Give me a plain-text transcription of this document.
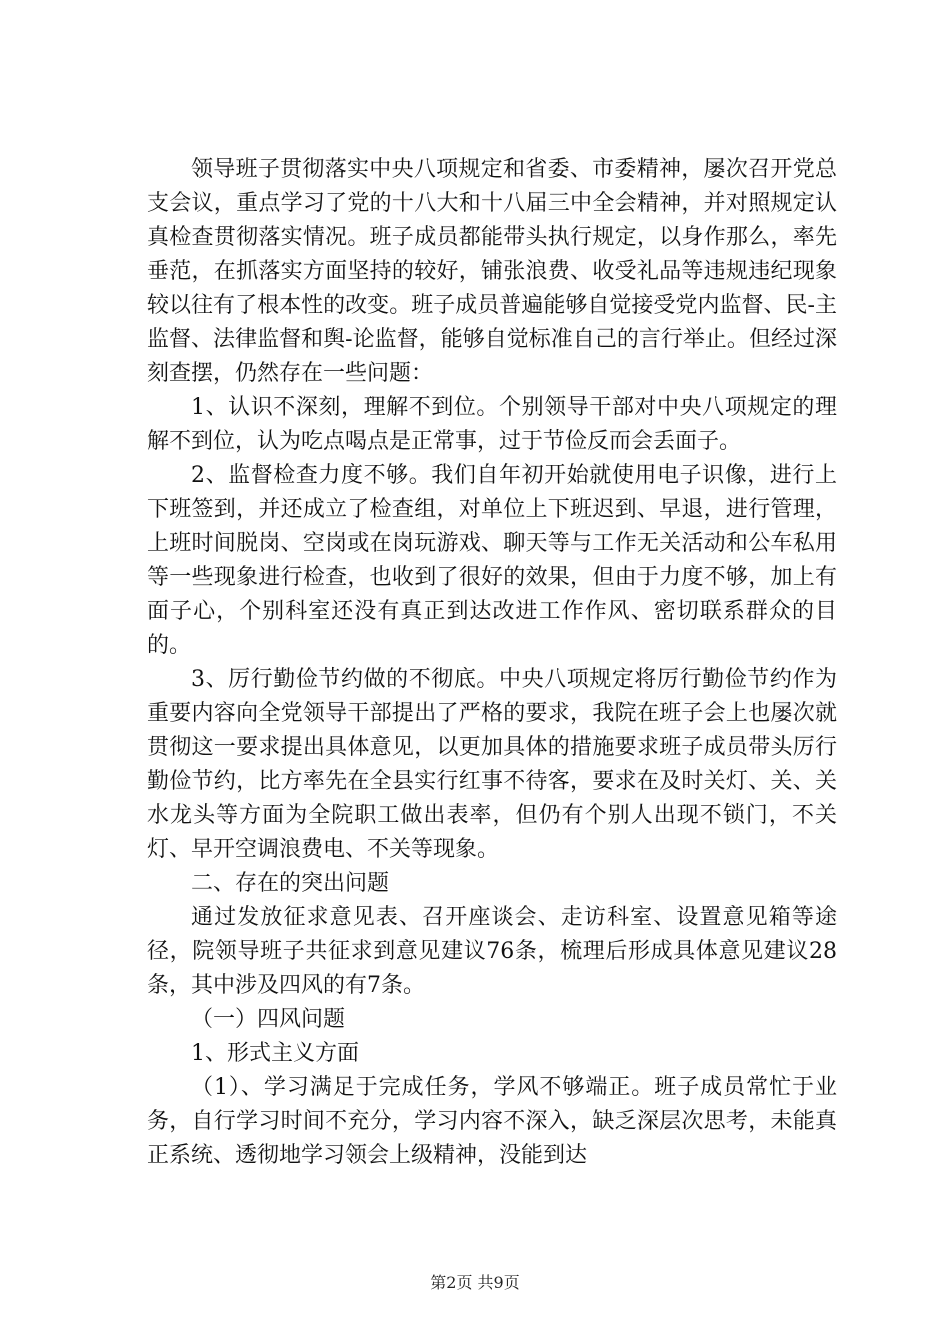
领导班子贯彻落实中央八项规定和省委、市委精神，屡次召开党总支会议，重点学习了党的十八大和十八届三中全会精神，并对照规定认真检查贯彻落实情况。班子成员都能带头执行规定，以身作那么，率先垂范，在抓落实方面坚持的较好，铺张浪费、收受礼品等违规违纪现象较以往有了根本性的改变。班子成员普遍能够自觉接受党内监督、民-主监督、法律监督和舆-论监督，能够自觉标准自己的言行举止。但经过深刻查摆，仍然存在一些问题：

1、认识不深刻，理解不到位。个别领导干部对中央八项规定的理解不到位，认为吃点喝点是正常事，过于节俭反而会丢面子。

2、监督检查力度不够。我们自年初开始就使用电子识像，进行上下班签到，并还成立了检查组，对单位上下班迟到、早退，进行管理，上班时间脱岗、空岗或在岗玩游戏、聊天等与工作无关活动和公车私用等一些现象进行检查，也收到了很好的效果，但由于力度不够，加上有面子心，个别科室还没有真正到达改进工作作风、密切联系群众的目的。

3、厉行勤俭节约做的不彻底。中央八项规定将厉行勤俭节约作为重要内容向全党领导干部提出了严格的要求，我院在班子会上也屡次就贯彻这一要求提出具体意见，以更加具体的措施要求班子成员带头厉行勤俭节约，比方率先在全县实行红事不待客，要求在及时关灯、关、关水龙头等方面为全院职工做出表率，但仍有个别人出现不锁门，不关灯、早开空调浪费电、不关等现象。

二、存在的突出问题

通过发放征求意见表、召开座谈会、走访科室、设置意见箱等途径，院领导班子共征求到意见建议76条，梳理后形成具体意见建议28条，其中涉及四风的有7条。

（一）四风问题

1、形式主义方面

（1）、学习满足于完成任务，学风不够端正。班子成员常忙于业务，自行学习时间不充分，学习内容不深入，缺乏深层次思考，未能真正系统、透彻地学习领会上级精神，没能到达

第2页 共9页
